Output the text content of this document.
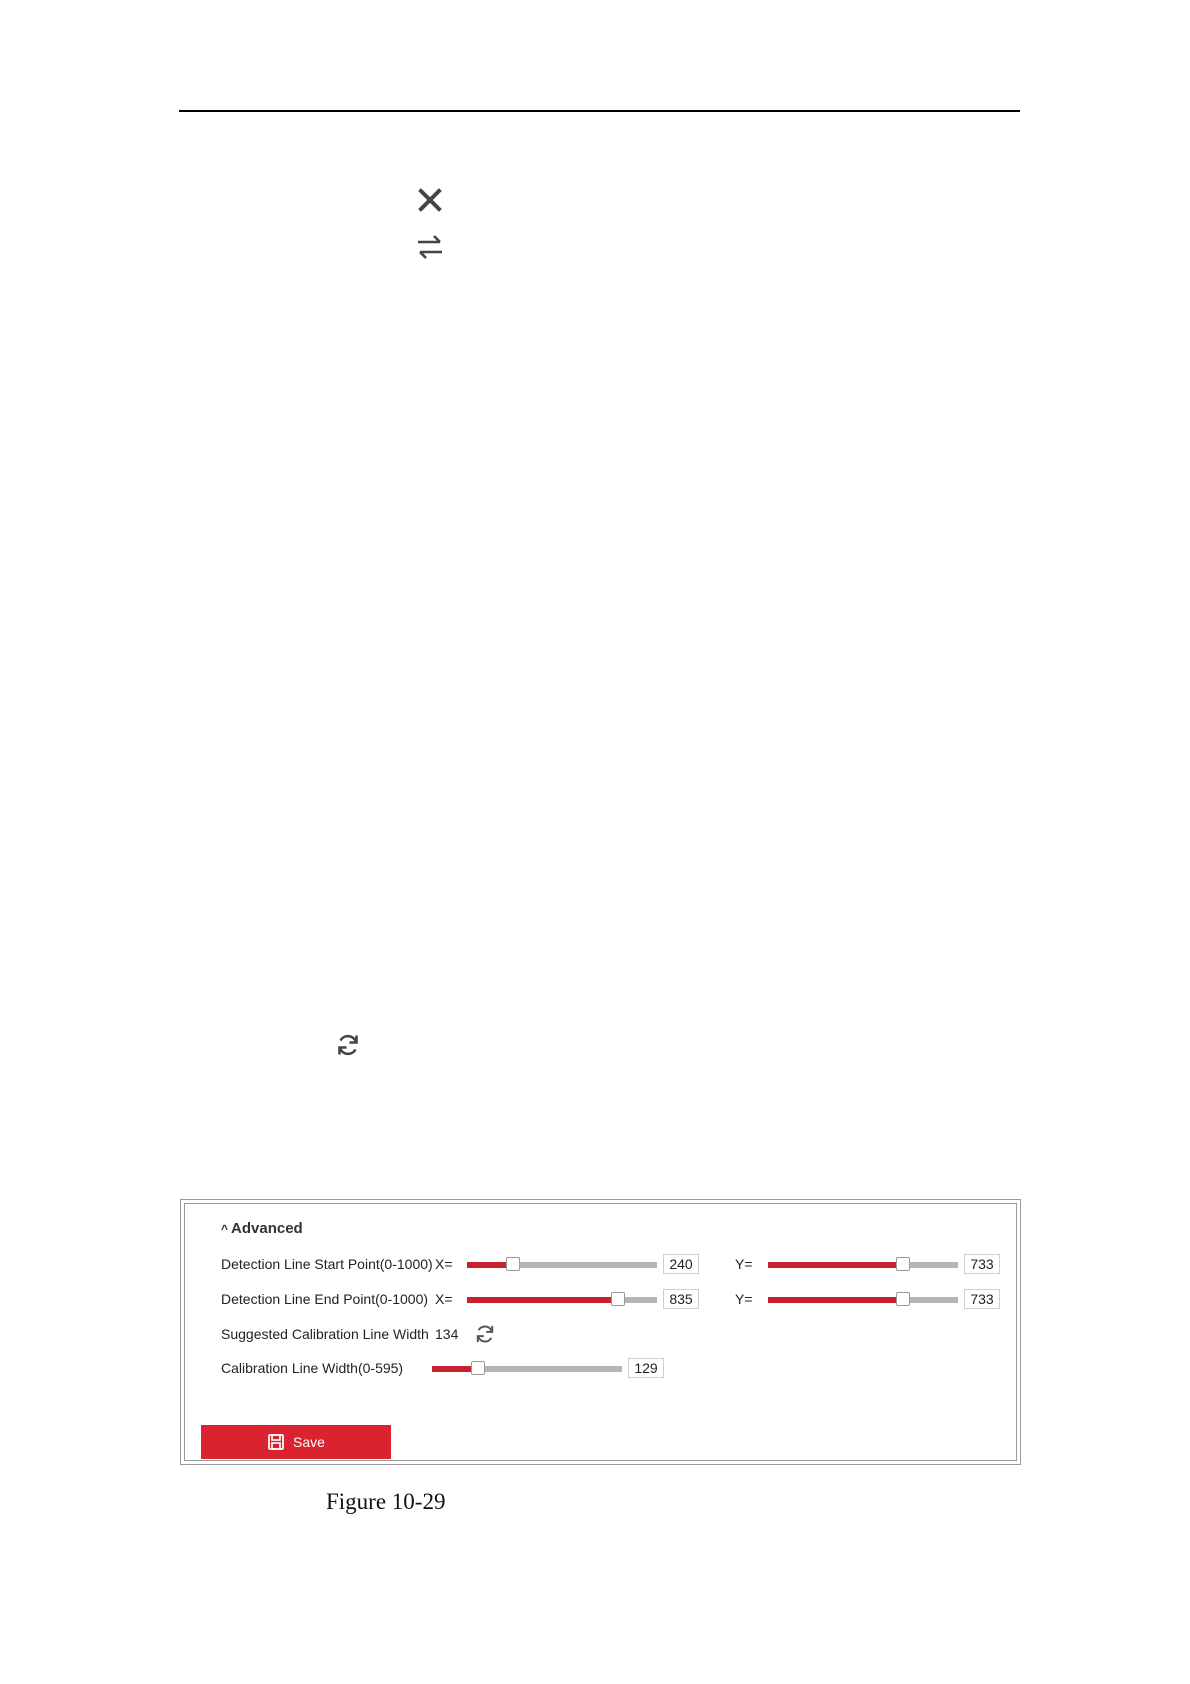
^ Advanced
Detection Line Start Point(0-1000) X=	240	Y=	733
Detection Line End Point(0-1000) X=	835	Y=	733
Suggested Calibration Line Width 134
Calibration Line Width(0-595)	129
Save
Figure 10-29
